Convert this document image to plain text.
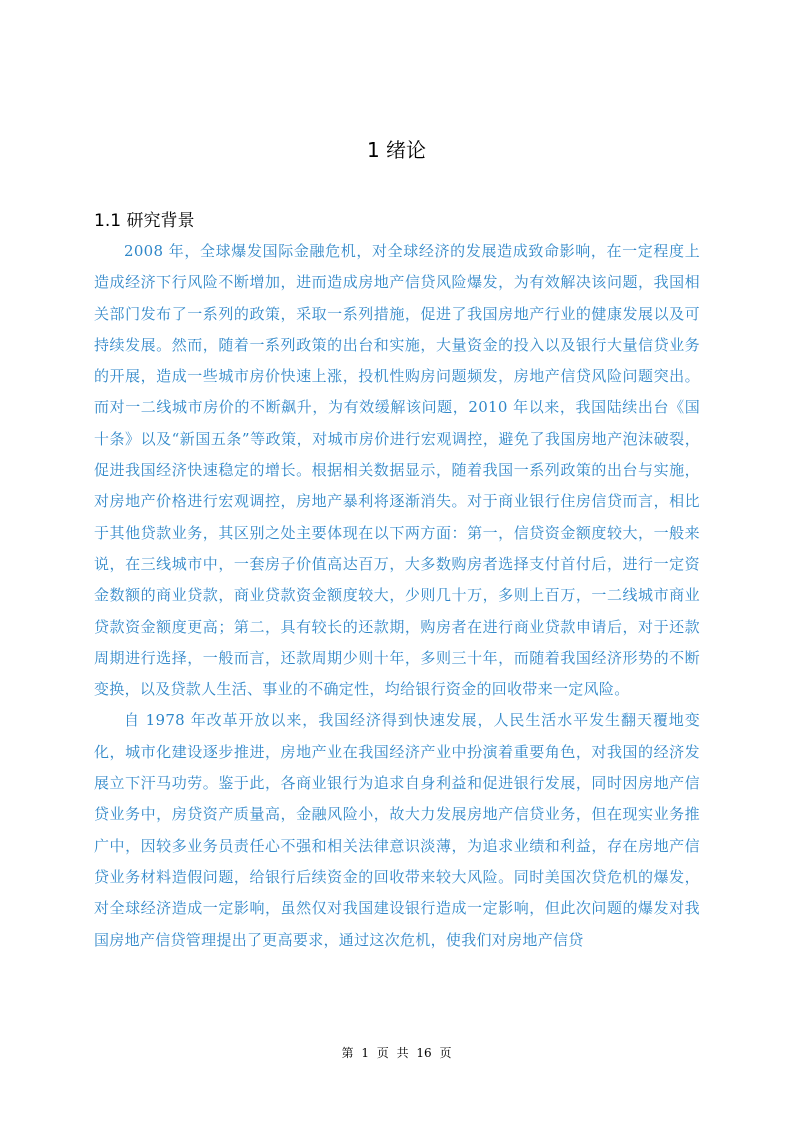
1 绪论
1.1 研究背景

2008 年，全球爆发国际金融危机，对全球经济的发展造成致命影响，在一定程度上造成经济下行风险不断增加，进而造成房地产信贷风险爆发，为有效解决该问题，我国相关部门发布了一系列的政策，采取一系列措施，促进了我国房地产行业的健康发展以及可持续发展。然而，随着一系列政策的出台和实施，大量资金的投入以及银行大量信贷业务的开展，造成一些城市房价快速上涨，投机性购房问题频发，房地产信贷风险问题突出。而对一二线城市房价的不断飙升，为有效缓解该问题，2010 年以来，我国陆续出台《国十条》以及“新国五条”等政策，对城市房价进行宏观调控，避免了我国房地产泡沫破裂，促进我国经济快速稳定的增长。根据相关数据显示，随着我国一系列政策的出台与实施，对房地产价格进行宏观调控，房地产暴利将逐渐消失。对于商业银行住房信贷而言，相比于其他贷款业务，其区别之处主要体现在以下两方面：第一，信贷资金额度较大，一般来说，在三线城市中，一套房子价值高达百万，大多数购房者选择支付首付后，进行一定资金数额的商业贷款，商业贷款资金额度较大，少则几十万，多则上百万，一二线城市商业贷款资金额度更高；第二，具有较长的还款期，购房者在进行商业贷款申请后，对于还款周期进行选择，一般而言，还款周期少则十年，多则三十年，而随着我国经济形势的不断变换，以及贷款人生活、事业的不确定性，均给银行资金的回收带来一定风险。

自 1978 年改革开放以来，我国经济得到快速发展，人民生活水平发生翻天覆地变化，城市化建设逐步推进，房地产业在我国经济产业中扮演着重要角色，对我国的经济发展立下汗马功劳。鉴于此，各商业银行为追求自身利益和促进银行发展，同时因房地产信贷业务中，房贷资产质量高，金融风险小，故大力发展房地产信贷业务，但在现实业务推广中，因较多业务员责任心不强和相关法律意识淡薄，为追求业绩和利益，存在房地产信贷业务材料造假问题，给银行后续资金的回收带来较大风险。同时美国次贷危机的爆发，对全球经济造成一定影响，虽然仅对我国建设银行造成一定影响，但此次问题的爆发对我国房地产信贷管理提出了更高要求，通过这次危机，使我们对房地产信贷

第 1 页 共 16 页
